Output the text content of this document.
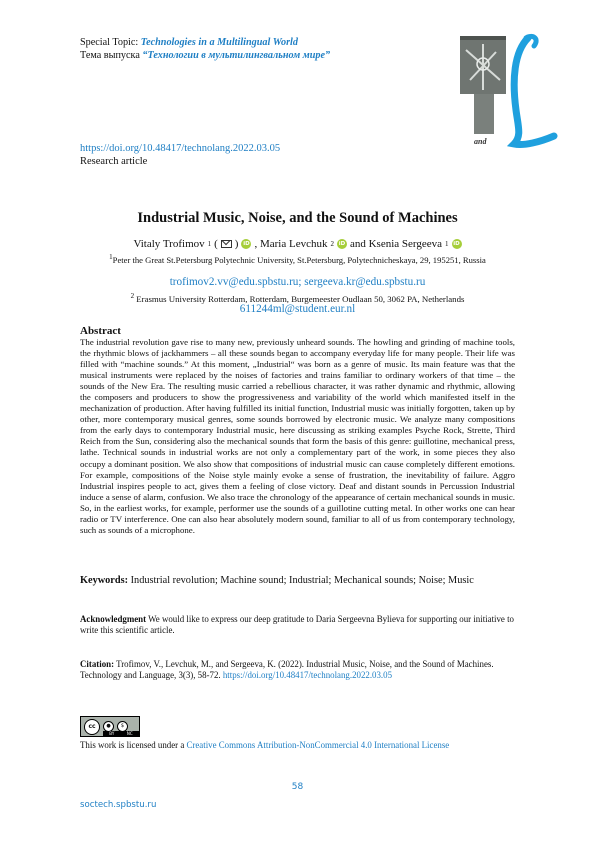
Special Topic: Technologies in a Multilingual World
Тема выпуска “Технологии в мультилингвальном мире”
and
https://doi.org/10.48417/technolang.2022.03.05
Research article
Industrial Music, Noise, and the Sound of Machines
Vitaly Trofimov 1 ( ) iD , Maria Levchuk 2 iD and Ksenia Sergeeva 1 iD
$^1$Peter the Great St.Petersburg Polytechnic University, St.Petersburg, Polytechnicheskaya, 29, 195251, Russia
trofimov2.vv@edu.spbstu.ru; sergeeva.kr@edu.spbstu.ru
$^2$ Erasmus University Rotterdam, Rotterdam, Burgemeester Oudlaan 50, 3062 PA, Netherlands
611244ml@student.eur.nl
Abstract

The industrial revolution gave rise to many new, previously unheard sounds. The howling and grinding of machine tools, the rhythmic blows of jackhammers – all these sounds began to accompany everyday life for many people. Their life was filled with “machine sounds.” At this moment, „Industrial“ was born as a genre of music. Its main feature was that the musical instruments were replaced by the noises of factories and trains familiar to ordinary workers of that time – the sounds of the New Era. The resulting music carried a rebellious character, it was rather dynamic and rhythmic, allowing the composers and producers to show the progressiveness and variability of the world which manifested itself in the mechanization of production. After having fulfilled its initial function, Industrial music was initially forgotten, taken up by other, more contemporary musical genres, some sounds borrowed by electronic music. We analyze many compositions from the early days to contemporary Industrial music, here discussing as striking examples Psyche Rock, Strette, Third Reich from the Sun, considering also the mechanical sounds that form the basis of this genre: guillotine, mechanical press, lathe. Technical sounds in industrial works are not only a complementary part of the work, in some pieces they also occupy a dominant position. We also show that compositions of industrial music can cause completely different emotions. For example, compositions of the Noise style mainly evoke a sense of frustration, the inevitability of failure. Aggro Industrial inspires people to act, gives them a feeling of close victory. Deaf and distant sounds in Percussion Industrial induce a sense of alarm, confusion. We also trace the chronology of the appearance of certain mechanical sounds in music. So, in the earliest works, for example, performer use the sounds of a guillotine cutting metal. In other works one can hear radio or TV interference. One can also hear absolutely modern sound, familiar to all of us from contemporary technology, such as sounds of a microphone.

Keywords: Industrial revolution; Machine sound; Industrial; Mechanical sounds; Noise; Music
Acknowledgment We would like to express our deep gratitude to Daria Sergeevna Bylieva for supporting our initiative to write this scientific article.
Citation: Trofimov, V., Levchuk, M., and Sergeeva, K. (2022). Industrial Music, Noise, and the Sound of Machines. Technology and Language, 3(3), 58-72. https://doi.org/10.48417/technolang.2022.03.05
cc	●	$
BY	NC
This work is licensed under a Creative Commons Attribution-NonCommercial 4.0 International License
58
soctech.spbstu.ru
